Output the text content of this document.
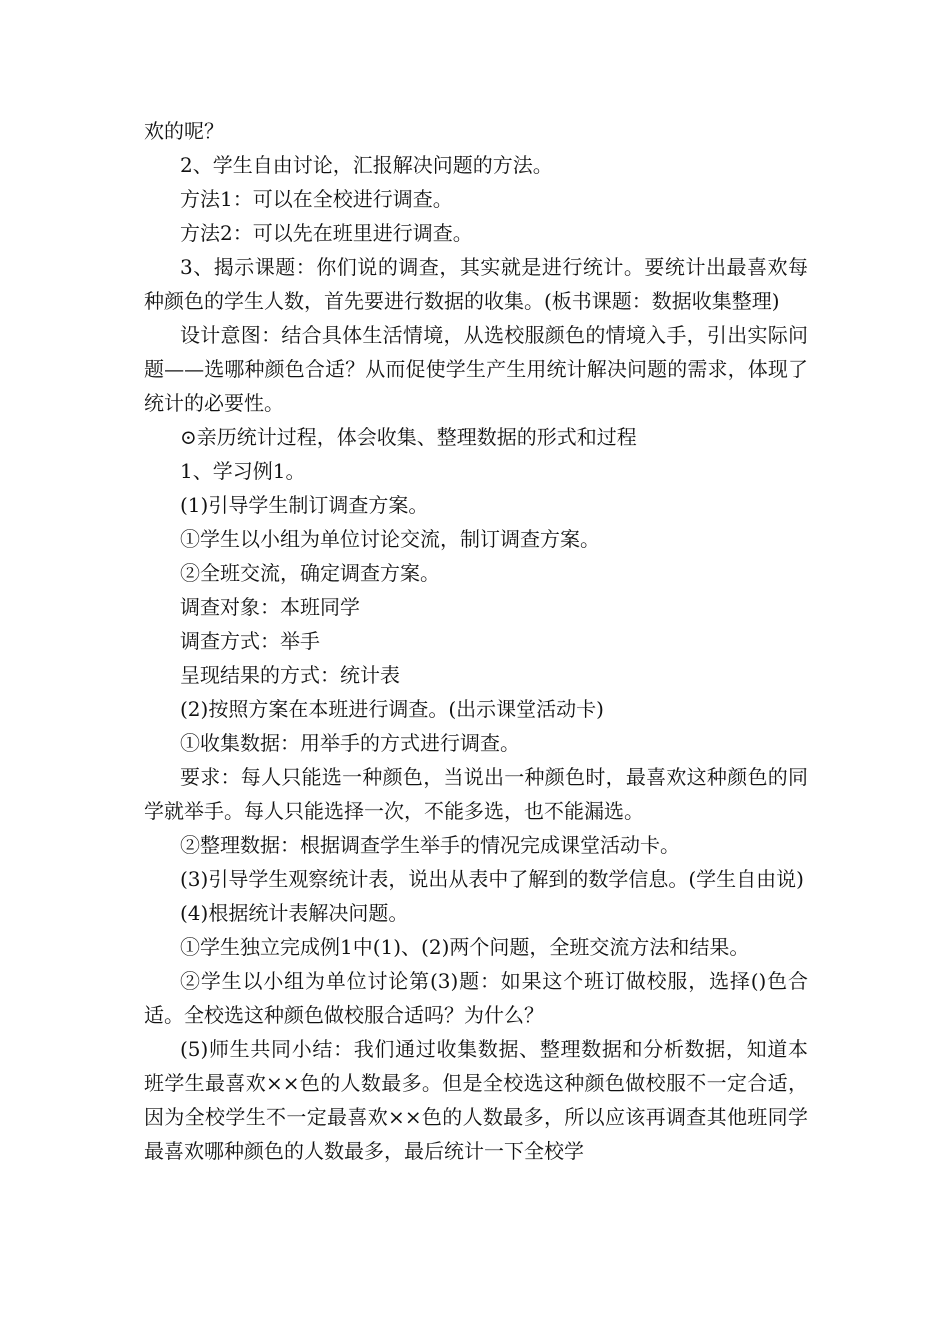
欢的呢？

2、学生自由讨论，汇报解决问题的方法。

方法1：可以在全校进行调查。

方法2：可以先在班里进行调查。

3、揭示课题：你们说的调查，其实就是进行统计。要统计出最喜欢每种颜色的学生人数，首先要进行数据的收集。(板书课题：数据收集整理)

设计意图：结合具体生活情境，从选校服颜色的情境入手，引出实际问题——选哪种颜色合适？从而促使学生产生用统计解决问题的需求，体现了统计的必要性。

⊙亲历统计过程，体会收集、整理数据的形式和过程

1、学习例1。

(1)引导学生制订调查方案。

①学生以小组为单位讨论交流，制订调查方案。

②全班交流，确定调查方案。

调查对象：本班同学

调查方式：举手

呈现结果的方式：统计表

(2)按照方案在本班进行调查。(出示课堂活动卡)

①收集数据：用举手的方式进行调查。

要求：每人只能选一种颜色，当说出一种颜色时，最喜欢这种颜色的同学就举手。每人只能选择一次，不能多选，也不能漏选。

②整理数据：根据调查学生举手的情况完成课堂活动卡。

(3)引导学生观察统计表，说出从表中了解到的数学信息。(学生自由说)

(4)根据统计表解决问题。

①学生独立完成例1中(1)、(2)两个问题，全班交流方法和结果。

②学生以小组为单位讨论第(3)题：如果这个班订做校服，选择()色合适。全校选这种颜色做校服合适吗？为什么？

(5)师生共同小结：我们通过收集数据、整理数据和分析数据，知道本班学生最喜欢××色的人数最多。但是全校选这种颜色做校服不一定合适，因为全校学生不一定最喜欢××色的人数最多，所以应该再调查其他班同学最喜欢哪种颜色的人数最多，最后统计一下全校学
